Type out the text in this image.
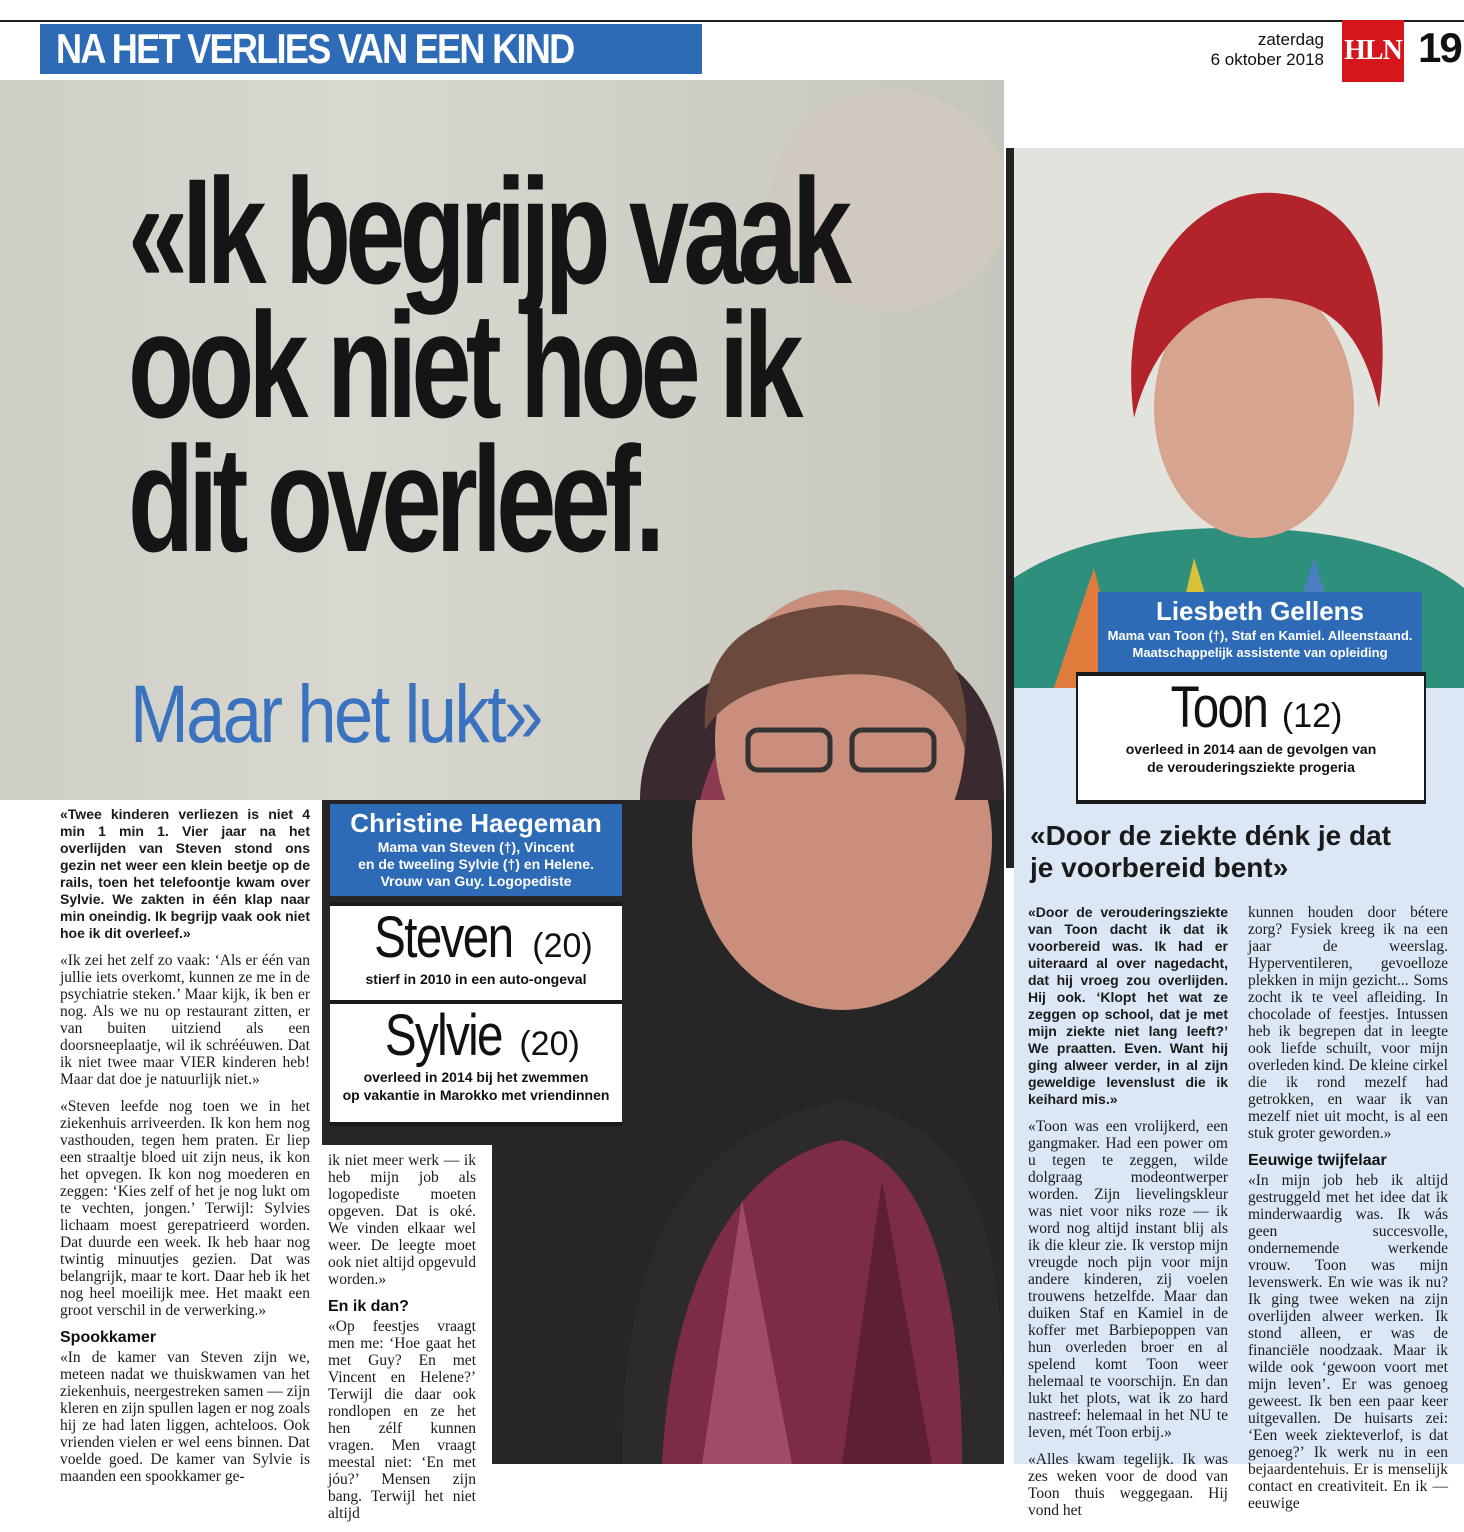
NA HET VERLIES VAN EEN KIND	zaterdag
6 oktober 2018 HLN 19
«Ik begrijp vaak
ook niet hoe ik
dit overleef.
Maar het lukt»
Christine Haegeman
Mama van Steven (†), Vincent
en de tweeling Sylvie (†) en Helene.
Vrouw van Guy. Logopediste
Steven (20)
stierf in 2010 in een auto-ongeval
Sylvie (20)
overleed in 2014 bij het zwemmen
op vakantie in Marokko met vriendinnen
Liesbeth Gellens
Mama van Toon (†), Staf en Kamiel. Alleenstaand.
Maatschappelijk assistente van opleiding
Toon (12)
overleed in 2014 aan de gevolgen van
de verouderingsziekte progeria
«Door de ziekte dénk je dat je voorbereid bent»

«Twee kinderen verliezen is niet 4 min 1 min 1. Vier jaar na het overlijden van Steven stond ons gezin net weer een klein beetje op de rails, toen het telefoontje kwam over Sylvie. We zakten in één klap naar min oneindig. Ik begrijp vaak ook niet hoe ik dit overleef.»

«Ik zei het zelf zo vaak: ‘Als er één van jullie iets overkomt, kunnen ze me in de psychiatrie steken.’ Maar kijk, ik ben er nog. Als we nu op restaurant zitten, er van buiten uitziend als een doorsneeplaatje, wil ik schrééuwen. Dat ik niet twee maar VIER kinderen heb! Maar dat doe je natuurlijk niet.»

«Steven leefde nog toen we in het ziekenhuis arriveerden. Ik kon hem nog vasthouden, tegen hem praten. Er liep een straaltje bloed uit zijn neus, ik kon het opvegen. Ik kon nog moederen en zeggen: ‘Kies zelf of het je nog lukt om te vechten, jongen.’ Terwijl: Sylvies lichaam moest gerepatrieerd worden. Dat duurde een week. Ik heb haar nog twintig minuutjes gezien. Dat was belangrijk, maar te kort. Daar heb ik het nog heel moeilijk mee. Het maakt een groot verschil in de verwerking.»

Spookkamer

«In de kamer van Steven zijn we, meteen nadat we thuiskwamen van het ziekenhuis, neergestreken samen — zijn kleren en zijn spullen lagen er nog zoals hij ze had laten liggen, achteloos. Ook vrienden vielen er wel eens binnen. Dat voelde goed. De kamer van Sylvie is maanden een spookkamer ge-

ik niet meer werk — ik heb mijn job als logopediste moeten opgeven. Dat is oké. We vinden elkaar wel weer. De leegte moet ook niet altijd opgevuld worden.»

En ik dan?

«Op feestjes vraagt men me: ‘Hoe gaat het met Guy? En met Vincent en Helene?’ Terwijl die daar ook rondlopen en ze het hen zélf kunnen vragen. Men vraagt meestal niet: ‘En met jóu?’ Mensen zijn bang. Terwijl het niet altijd

«Door de verouderingsziekte van Toon dacht ik dat ik voorbereid was. Ik had er uiteraard al over nagedacht, dat hij vroeg zou overlijden. Hij ook. ‘Klopt het wat ze zeggen op school, dat je met mijn ziekte niet lang leeft?’ We praatten. Even. Want hij ging alweer verder, in al zijn geweldige levenslust die ik keihard mis.»

«Toon was een vrolijkerd, een gangmaker. Had een power om u tegen te zeggen, wilde dolgraag modeontwerper worden. Zijn lievelingskleur was niet voor niks roze — ik word nog altijd instant blij als ik die kleur zie. Ik verstop mijn vreugde noch pijn voor mijn andere kinderen, zij voelen trouwens hetzelfde. Maar dan duiken Staf en Kamiel in de koffer met Barbiepoppen van hun overleden broer en al spelend komt Toon weer helemaal te voorschijn. En dan lukt het plots, wat ik zo hard nastreef: helemaal in het NU te leven, mét Toon erbij.»

«Alles kwam tegelijk. Ik was zes weken voor de dood van Toon thuis weggegaan. Hij vond het

kunnen houden door bétere zorg? Fysiek kreeg ik na een jaar de weerslag. Hyperventileren, gevoelloze plekken in mijn gezicht... Soms zocht ik te veel afleiding. In chocolade of feestjes. Intussen heb ik begrepen dat in leegte ook liefde schuilt, voor mijn overleden kind. De kleine cirkel die ik rond mezelf had getrokken, en waar ik van mezelf niet uit mocht, is al een stuk groter geworden.»

Eeuwige twijfelaar

«In mijn job heb ik altijd gestruggeld met het idee dat ik minderwaardig was. Ik wás geen succesvolle, ondernemende werkende vrouw. Toon was mijn levenswerk. En wie was ik nu? Ik ging twee weken na zijn overlijden alweer werken. Ik stond alleen, er was de financiële noodzaak. Maar ik wilde ook ‘gewoon voort met mijn leven’. Er was genoeg geweest. Ik ben een paar keer uitgevallen. De huisarts zei: ‘Een week ziekteverlof, is dat genoeg?’ Ik werk nu in een bejaardentehuis. Er is menselijk contact en creativiteit. En ik — eeuwige
